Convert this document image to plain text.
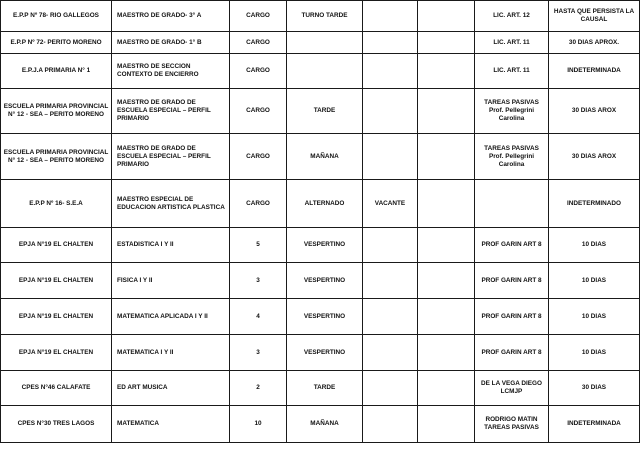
E.P.P Nº 78- RIO GALLEGOS	MAESTRO DE GRADO- 3° A	CARGO	TURNO TARDE			LIC. ART. 12	HASTA QUE PERSISTA LA CAUSAL
E.P.P Nº 72- PERITO MORENO	MAESTRO DE GRADO- 1° B	CARGO				LIC. ART. 11	30 DIAS APROX.
E.P.J.A PRIMARIA N° 1	MAESTRO DE SECCION CONTEXTO DE ENCIERRO	CARGO				LIC. ART. 11	INDETERMINADA
ESCUELA PRIMARIA PROVINCIAL N° 12 - SEA – PERITO MORENO	MAESTRO DE GRADO DE ESCUELA ESPECIAL – PERFIL PRIMARIO	CARGO	TARDE			TAREAS PASIVAS Prof. Pellegrini Carolina	30 DIAS AROX
ESCUELA PRIMARIA PROVINCIAL N° 12 - SEA – PERITO MORENO	MAESTRO DE GRADO DE ESCUELA ESPECIAL – PERFIL PRIMARIO	CARGO	MAÑANA			TAREAS PASIVAS Prof. Pellegrini Carolina	30 DIAS AROX
E.P.P Nº 16- S.E.A	MAESTRO ESPECIAL DE EDUCACION ARTISTICA PLASTICA	CARGO	ALTERNADO	VACANTE			INDETERMINADO
EPJA N°19 EL CHALTEN	ESTADISTICA I Y II	5	VESPERTINO			PROF GARIN ART 8	10 DIAS
EPJA N°19 EL CHALTEN	FISICA I Y II	3	VESPERTINO			PROF GARIN ART 8	10 DIAS
EPJA N°19 EL CHALTEN	MATEMATICA APLICADA I Y II	4	VESPERTINO			PROF GARIN ART 8	10 DIAS
EPJA N°19 EL CHALTEN	MATEMATICA I Y II	3	VESPERTINO			PROF GARIN ART 8	10 DIAS
CPES N°46 CALAFATE	ED ART MUSICA	2	TARDE			DE LA VEGA DIEGO LCMJP	30 DIAS
CPES N°30 TRES LAGOS	MATEMATICA	10	MAÑANA			RODRIGO MATIN TAREAS PASIVAS	INDETERMINADA
